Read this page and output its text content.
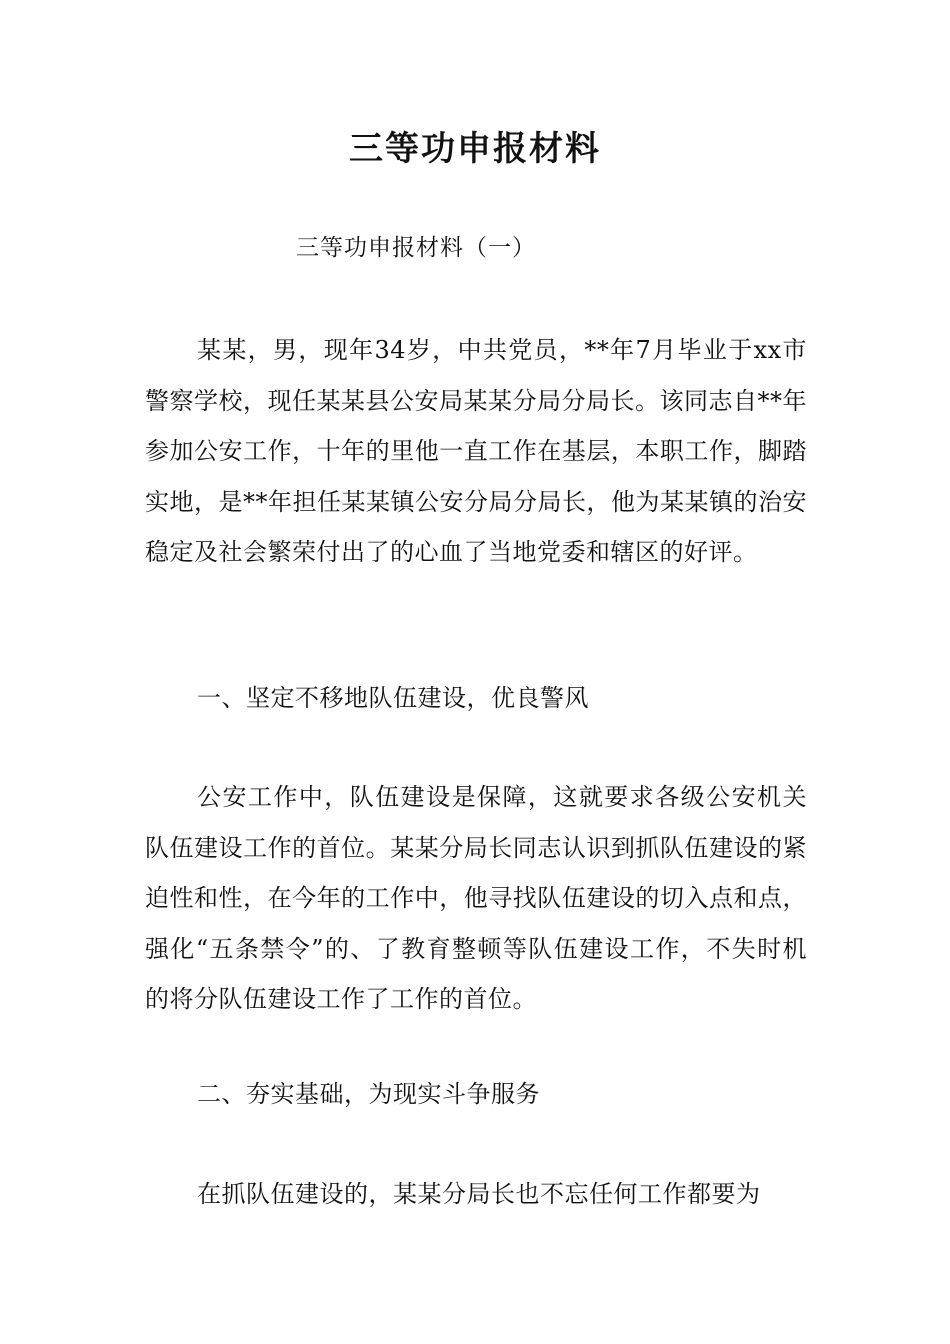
三等功申报材料

三等功申报材料（一）

某某，男，现年34岁，中共党员，**年7月毕业于xx市警察学校，现任某某县公安局某某分局分局长。该同志自**年参加公安工作，十年的里他一直工作在基层，本职工作，脚踏实地，是**年担任某某镇公安分局分局长，他为某某镇的治安稳定及社会繁荣付出了的心血了当地党委和辖区的好评。

一、坚定不移地队伍建设，优良警风

公安工作中，队伍建设是保障，这就要求各级公安机关队伍建设工作的首位。某某分局长同志认识到抓队伍建设的紧迫性和性，在今年的工作中，他寻找队伍建设的切入点和点，强化“五条禁令”的、了教育整顿等队伍建设工作，不失时机的将分队伍建设工作了工作的首位。

二、夯实基础，为现实斗争服务

在抓队伍建设的，某某分局长也不忘任何工作都要为
